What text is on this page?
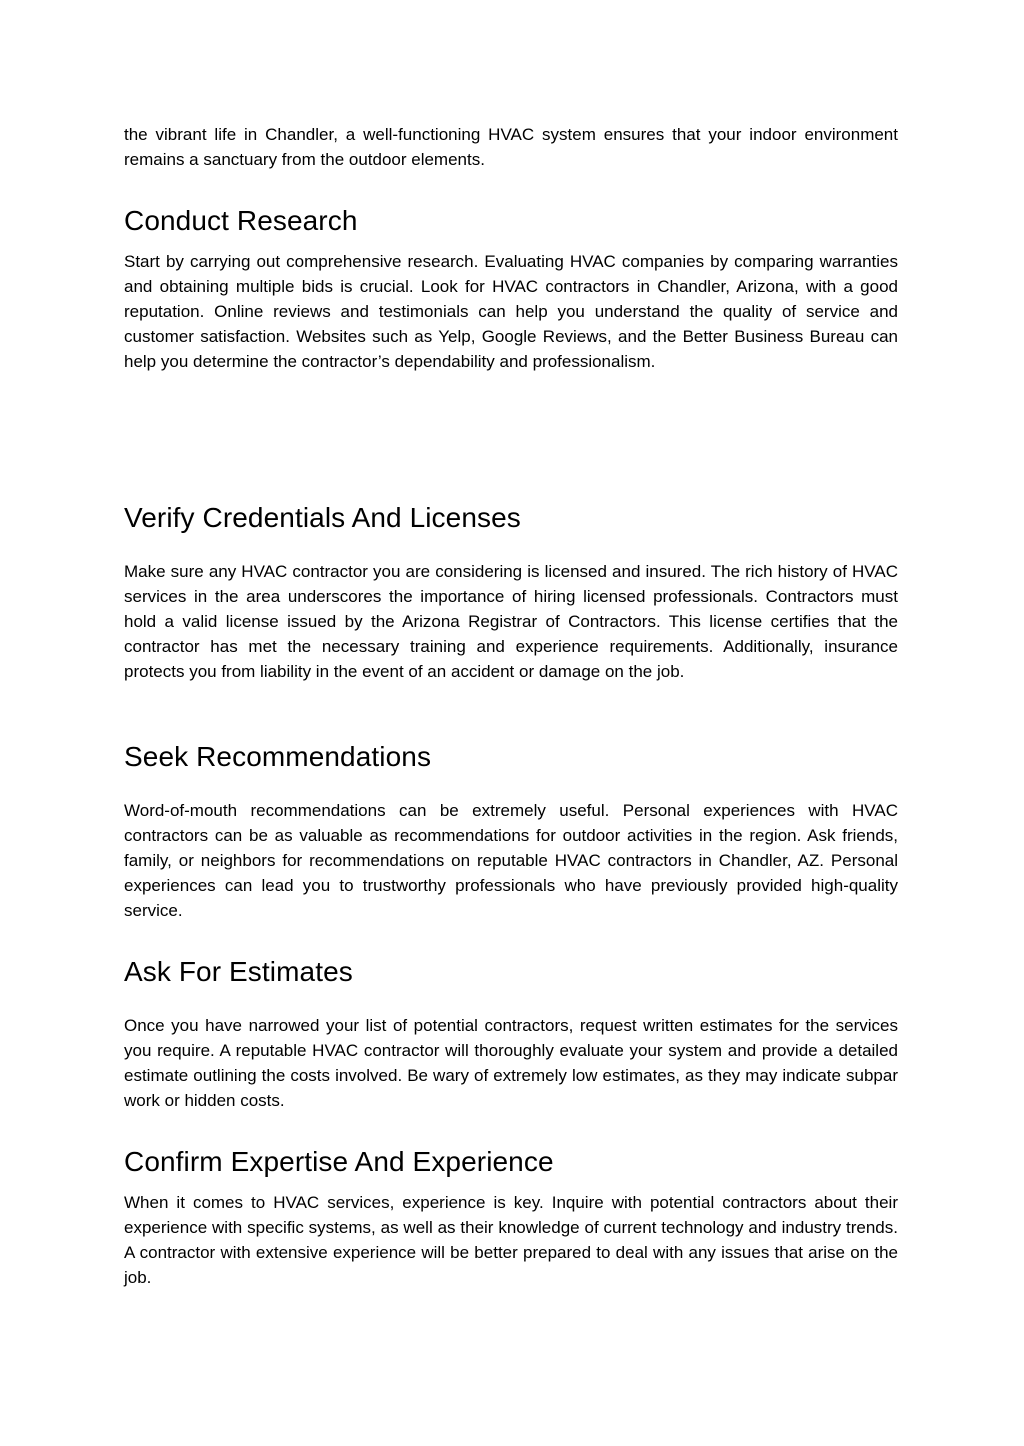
the vibrant life in Chandler, a well-functioning HVAC system ensures that your indoor environment remains a sanctuary from the outdoor elements.

Conduct Research

Start by carrying out comprehensive research. Evaluating HVAC companies by comparing warranties and obtaining multiple bids is crucial. Look for HVAC contractors in Chandler, Arizona, with a good reputation. Online reviews and testimonials can help you understand the quality of service and customer satisfaction. Websites such as Yelp, Google Reviews, and the Better Business Bureau can help you determine the contractor’s dependability and professionalism.

Verify Credentials And Licenses

Make sure any HVAC contractor you are considering is licensed and insured. The rich history of HVAC services in the area underscores the importance of hiring licensed professionals. Contractors must hold a valid license issued by the Arizona Registrar of Contractors. This license certifies that the contractor has met the necessary training and experience requirements. Additionally, insurance protects you from liability in the event of an accident or damage on the job.

Seek Recommendations

Word-of-mouth recommendations can be extremely useful. Personal experiences with HVAC contractors can be as valuable as recommendations for outdoor activities in the region. Ask friends, family, or neighbors for recommendations on reputable HVAC contractors in Chandler, AZ. Personal experiences can lead you to trustworthy professionals who have previously provided high-quality service.

Ask For Estimates

Once you have narrowed your list of potential contractors, request written estimates for the services you require. A reputable HVAC contractor will thoroughly evaluate your system and provide a detailed estimate outlining the costs involved. Be wary of extremely low estimates, as they may indicate subpar work or hidden costs.

Confirm Expertise And Experience

When it comes to HVAC services, experience is key. Inquire with potential contractors about their experience with specific systems, as well as their knowledge of current technology and industry trends. A contractor with extensive experience will be better prepared to deal with any issues that arise on the job.
